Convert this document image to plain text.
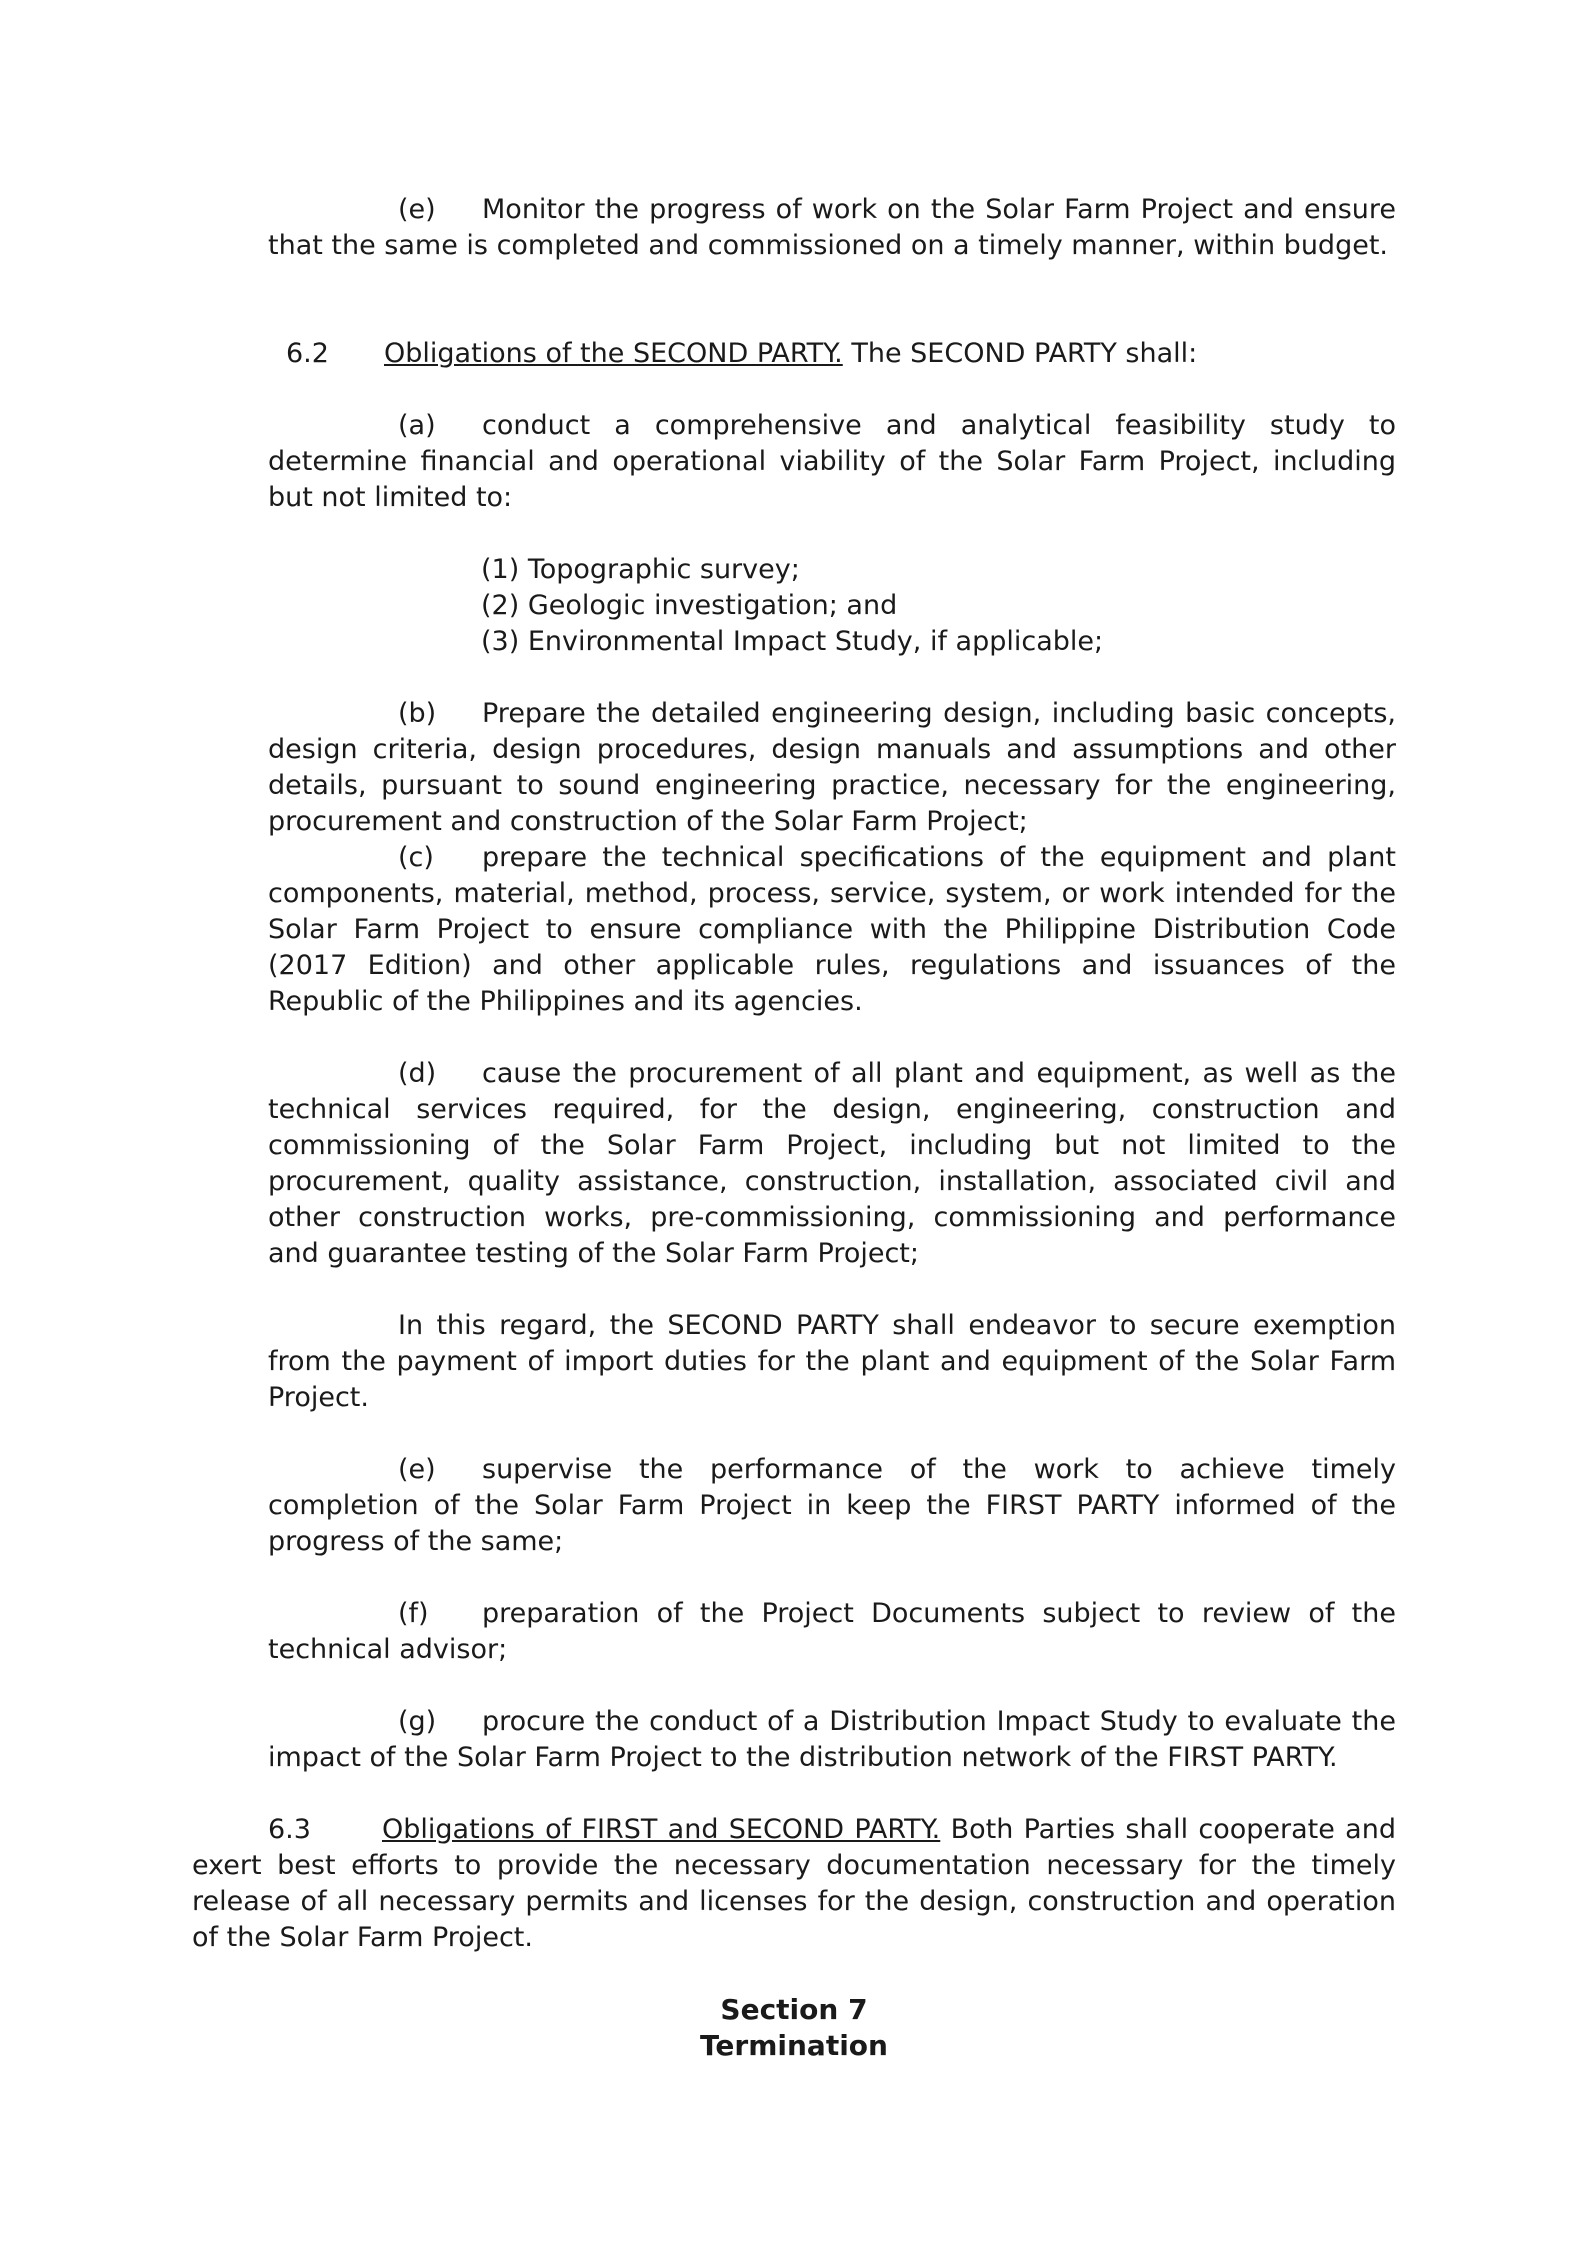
(e) Monitor the progress of work on the Solar Farm Project and ensure that the same is completed and commissioned on a timely manner, within budget.

6.2 Obligations of the SECOND PARTY. The SECOND PARTY shall:

(a) conduct a comprehensive and analytical feasibility study to determine financial and operational viability of the Solar Farm Project, including but not limited to:

(1) Topographic survey;
(2) Geologic investigation; and
(3) Environmental Impact Study, if applicable;

(b) Prepare the detailed engineering design, including basic concepts, design criteria, design procedures, design manuals and assumptions and other details, pursuant to sound engineering practice, necessary for the engineering, procurement and construction of the Solar Farm Project;

(c) prepare the technical specifications of the equipment and plant components, material, method, process, service, system, or work intended for the Solar Farm Project to ensure compliance with the Philippine Distribution Code (2017 Edition) and other applicable rules, regulations and issuances of the Republic of the Philippines and its agencies.

(d) cause the procurement of all plant and equipment, as well as the technical services required, for the design, engineering, construction and commissioning of the Solar Farm Project, including but not limited to the procurement, quality assistance, construction, installation, associated civil and other construction works, pre-commissioning, commissioning and performance and guarantee testing of the Solar Farm Project;

In this regard, the SECOND PARTY shall endeavor to secure exemption from the payment of import duties for the plant and equipment of the Solar Farm Project.

(e) supervise the performance of the work to achieve timely completion of the Solar Farm Project in keep the FIRST PARTY informed of the progress of the same;

(f) preparation of the Project Documents subject to review of the technical advisor;

(g) procure the conduct of a Distribution Impact Study to evaluate the impact of the Solar Farm Project to the distribution network of the FIRST PARTY.

6.3	Obligations of FIRST and SECOND PARTY. Both Parties shall cooperate and exert best efforts to provide the necessary documentation necessary for the timely release of all necessary permits and licenses for the design, construction and operation of the Solar Farm Project.

Section 7
Termination
